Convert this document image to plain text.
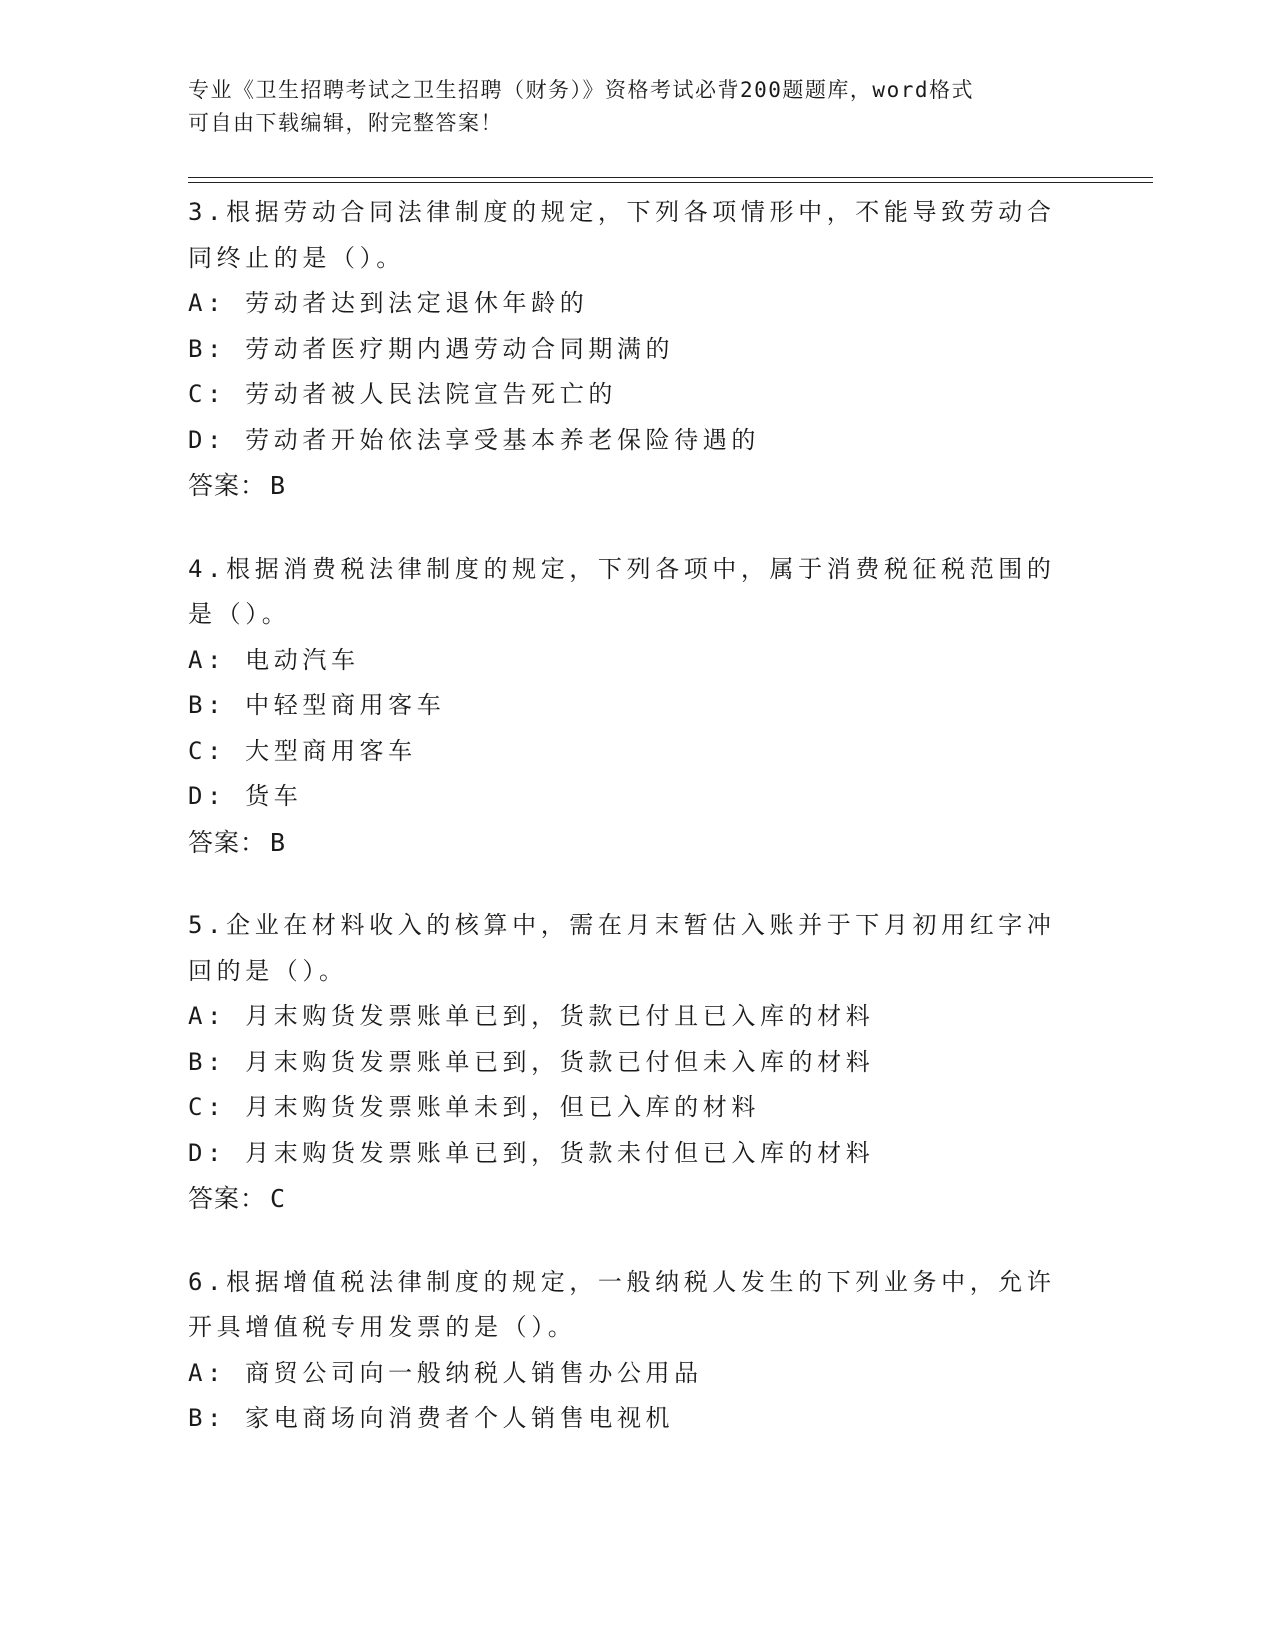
专业《卫生招聘考试之卫生招聘（财务）》资格考试必背200题题库，word格式
可自由下载编辑，附完整答案！
3.根据劳动合同法律制度的规定，下列各项情形中，不能导致劳动合
同终止的是（）。
A: 劳动者达到法定退休年龄的
B: 劳动者医疗期内遇劳动合同期满的
C: 劳动者被人民法院宣告死亡的
D: 劳动者开始依法享受基本养老保险待遇的
答案： B
4.根据消费税法律制度的规定，下列各项中，属于消费税征税范围的
是（）。
A: 电动汽车
B: 中轻型商用客车
C: 大型商用客车
D: 货车
答案： B
5.企业在材料收入的核算中，需在月末暂估入账并于下月初用红字冲
回的是（）。
A: 月末购货发票账单已到，货款已付且已入库的材料
B: 月末购货发票账单已到，货款已付但未入库的材料
C: 月末购货发票账单未到，但已入库的材料
D: 月末购货发票账单已到，货款未付但已入库的材料
答案： C
6.根据增值税法律制度的规定，一般纳税人发生的下列业务中，允许
开具增值税专用发票的是（）。
A: 商贸公司向一般纳税人销售办公用品
B: 家电商场向消费者个人销售电视机
